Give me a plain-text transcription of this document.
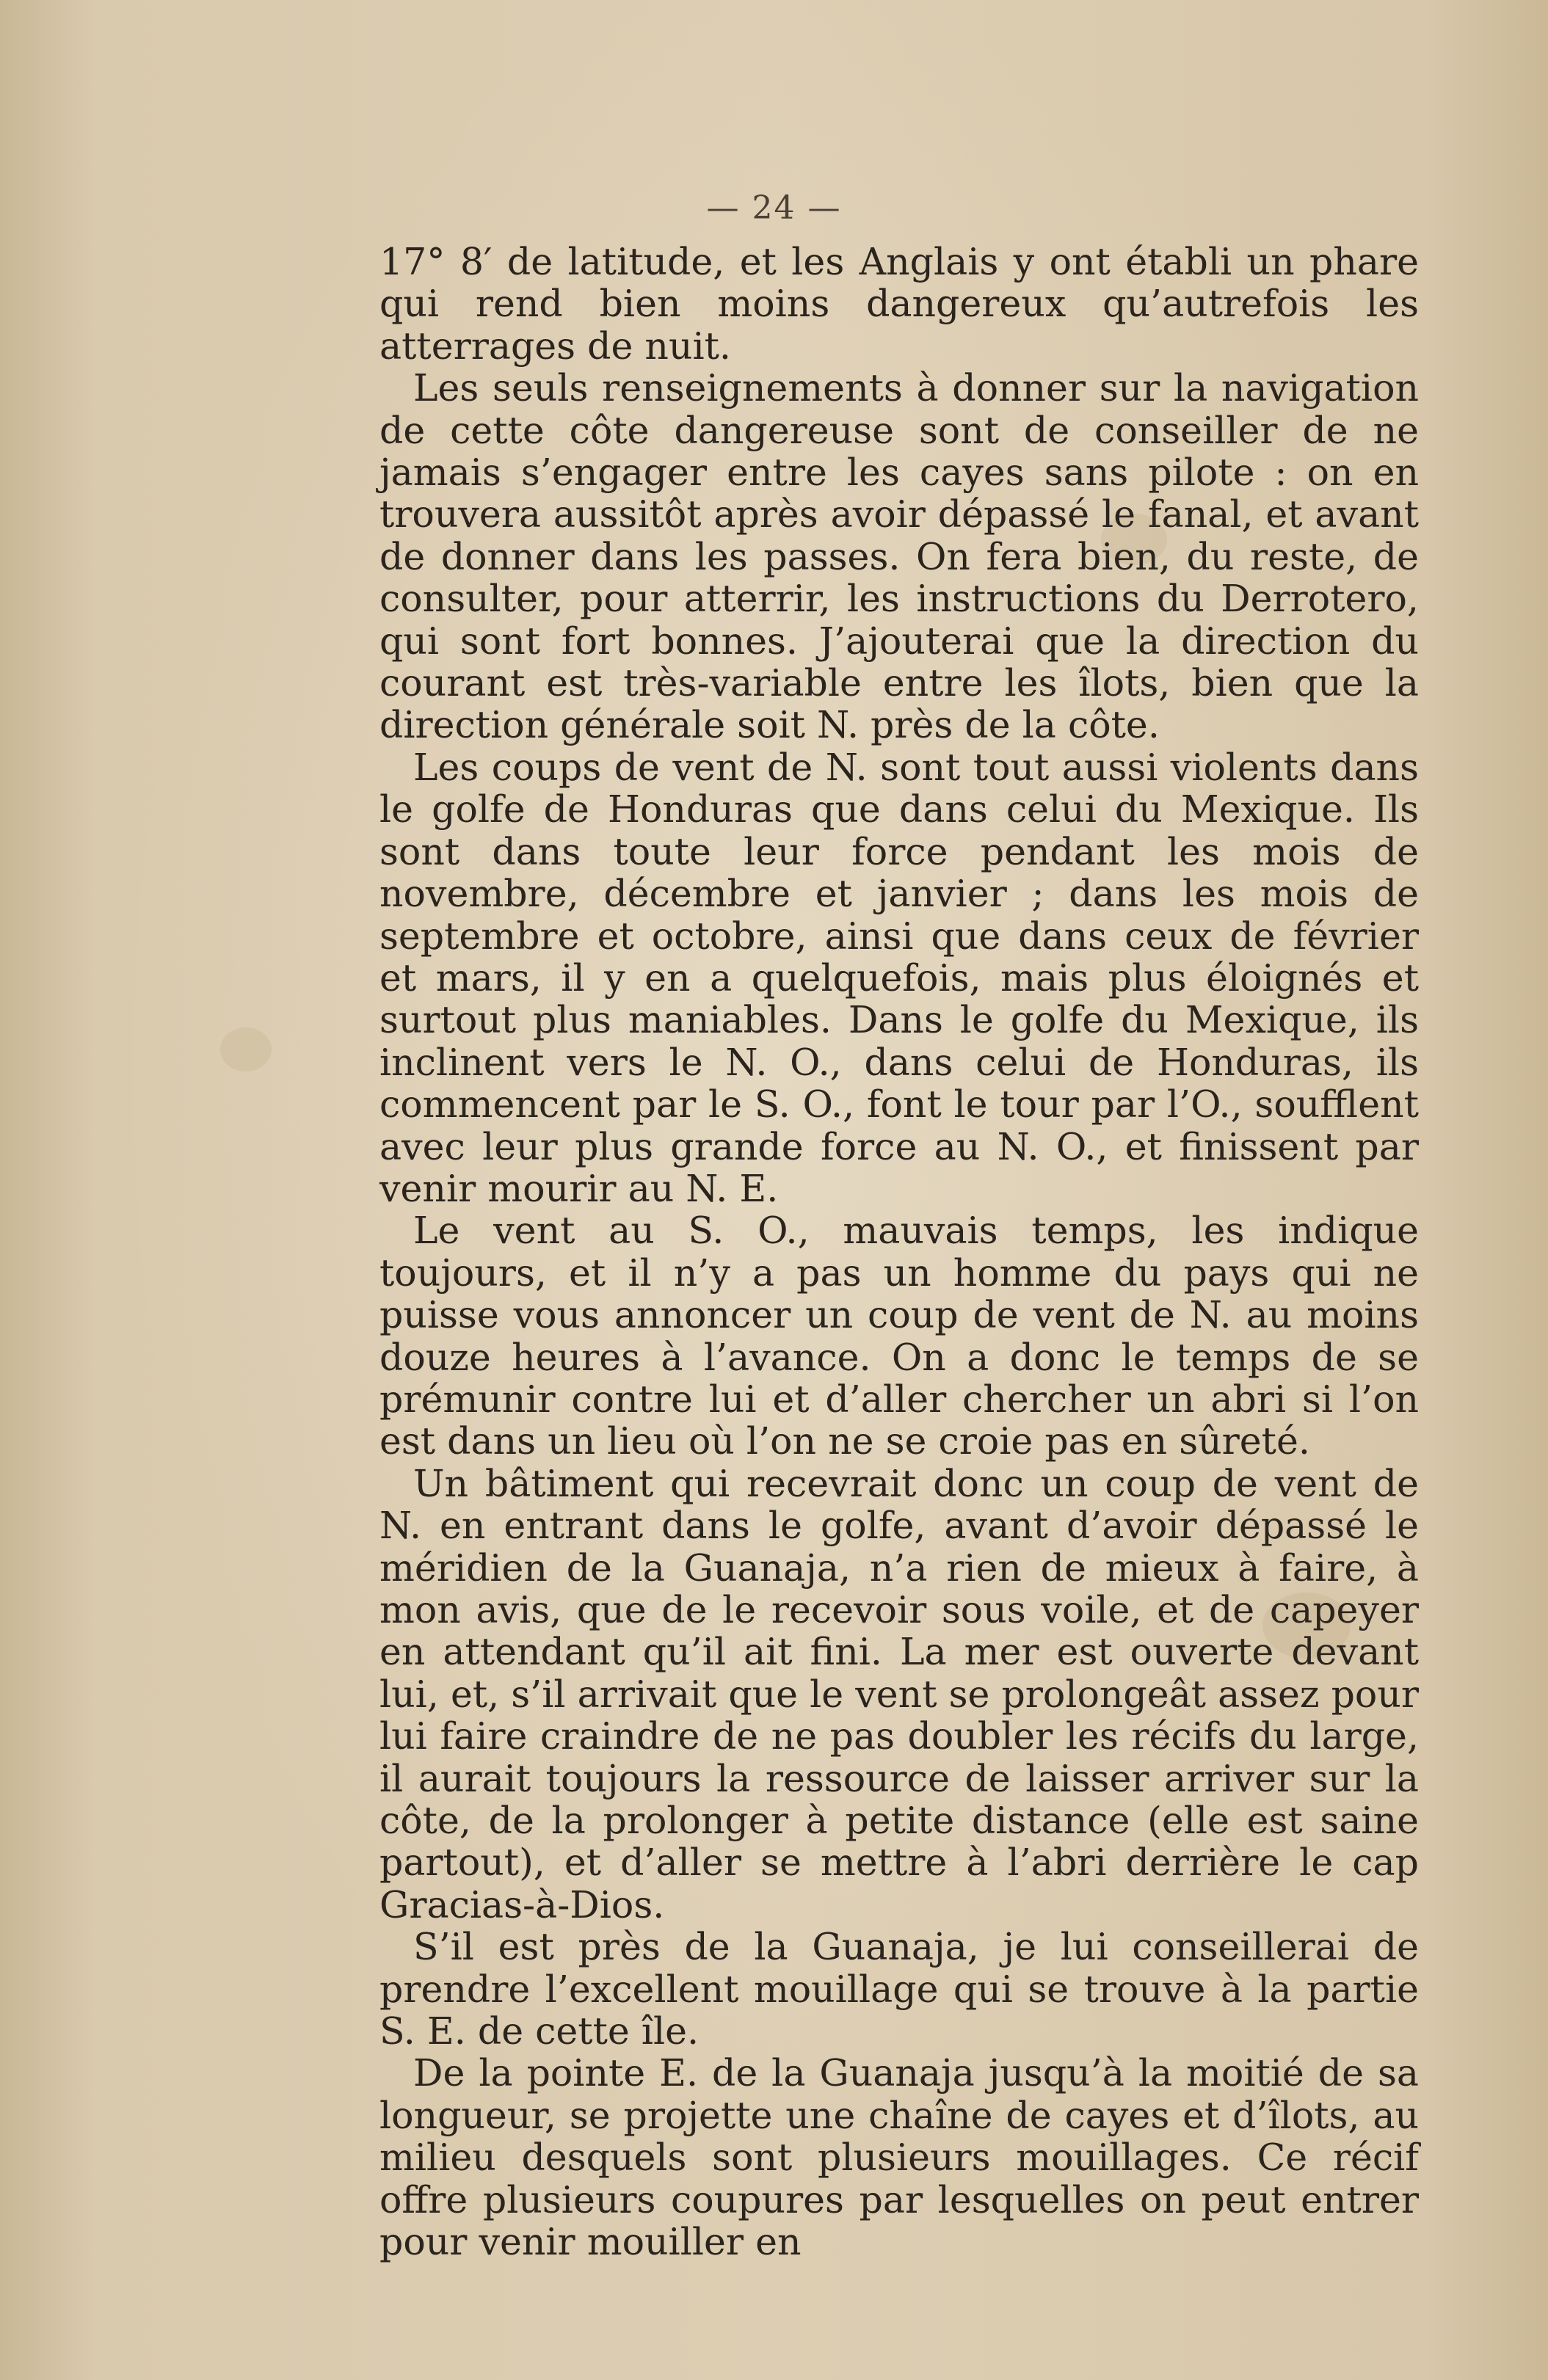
— 24 —

17° 8′ de latitude, et les Anglais y ont établi un phare qui rend bien moins dangereux qu’autrefois les atterrages de nuit.

Les seuls renseignements à donner sur la navigation de cette côte dangereuse sont de conseiller de ne jamais s’engager entre les cayes sans pilote : on en trouvera aussitôt après avoir dépassé le fanal, et avant de donner dans les passes. On fera bien, du reste, de consulter, pour atterrir, les instructions du Derrotero, qui sont fort bonnes. J’ajouterai que la direction du courant est très-variable entre les îlots, bien que la direction générale soit N. près de la côte.

Les coups de vent de N. sont tout aussi violents dans le golfe de Honduras que dans celui du Mexique. Ils sont dans toute leur force pendant les mois de novembre, décembre et janvier ; dans les mois de septembre et octobre, ainsi que dans ceux de février et mars, il y en a quelquefois, mais plus éloignés et surtout plus maniables. Dans le golfe du Mexique, ils inclinent vers le N. O., dans celui de Honduras, ils commencent par le S. O., font le tour par l’O., soufflent avec leur plus grande force au N. O., et finissent par venir mourir au N. E.

Le vent au S. O., mauvais temps, les indique toujours, et il n’y a pas un homme du pays qui ne puisse vous annoncer un coup de vent de N. au moins douze heures à l’avance. On a donc le temps de se prémunir contre lui et d’aller chercher un abri si l’on est dans un lieu où l’on ne se croie pas en sûreté.

Un bâtiment qui recevrait donc un coup de vent de N. en entrant dans le golfe, avant d’avoir dépassé le méridien de la Guanaja, n’a rien de mieux à faire, à mon avis, que de le recevoir sous voile, et de capeyer en attendant qu’il ait fini. La mer est ouverte devant lui, et, s’il arrivait que le vent se prolongeât assez pour lui faire craindre de ne pas doubler les récifs du large, il aurait toujours la ressource de laisser arriver sur la côte, de la prolonger à petite distance (elle est saine partout), et d’aller se mettre à l’abri derrière le cap Gracias-à-Dios.

S’il est près de la Guanaja, je lui conseillerai de prendre l’excellent mouillage qui se trouve à la partie S. E. de cette île.

De la pointe E. de la Guanaja jusqu’à la moitié de sa longueur, se projette une chaîne de cayes et d’îlots, au milieu desquels sont plusieurs mouillages. Ce récif offre plusieurs coupures par lesquelles on peut entrer pour venir mouiller en
